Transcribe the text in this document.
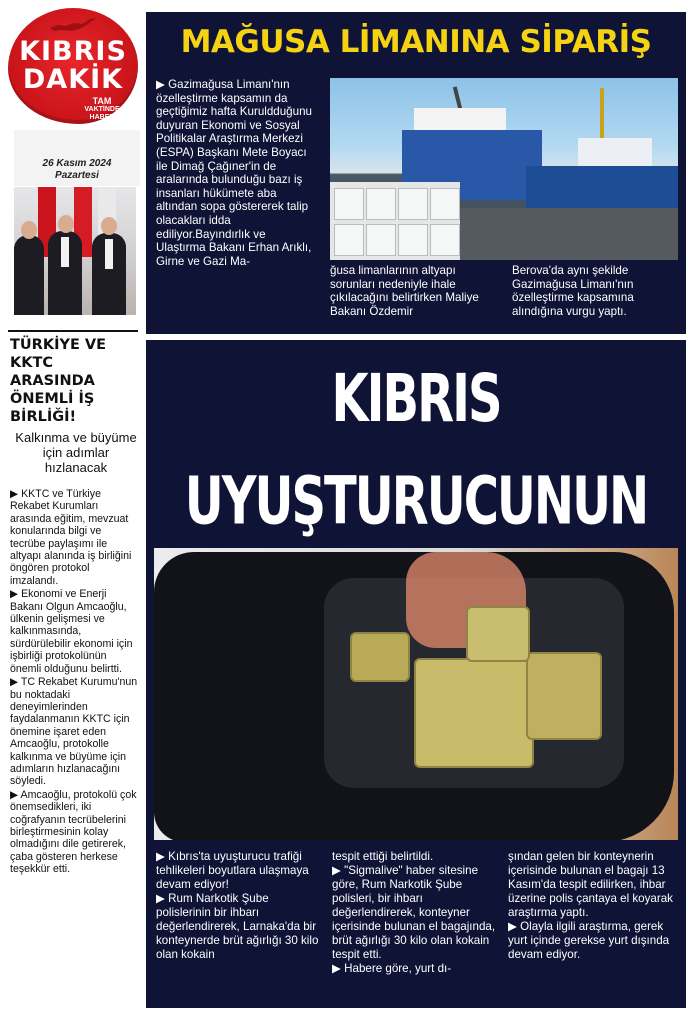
KIBRIS
DAKİK
TAM
VAKTİNDE
HABER
26 Kasım 2024
Pazartesi
TÜRKİYE VE KKTC ARASINDA ÖNEMLİ İŞ BİRLİĞİ!
Kalkınma ve büyüme için adımlar hızlanacak

▶ KKTC ve Türkiye Rekabet Kurumları arasında eğitim, mevzuat konularında bilgi ve tecrübe paylaşımı ile altyapı alanında iş birliğini öngören protokol imzalandı.

▶ Ekonomi ve Enerji Bakanı Olgun Amcaoğlu, ülkenin gelişmesi ve kalkınmasında, sürdürülebilir ekonomi için işbirliği protokolünün önemli olduğunu belirtti.

▶ TC Rekabet Kurumu'nun bu noktadaki deneyimlerinden faydalanmanın KKTC için önemine işaret eden Amcaoğlu, protokolle kalkınma ve büyüme için adımların hızlanacağını söyledi.

▶ Amcaoğlu, protokolü çok önemsedikleri, iki coğrafyanın tecrübelerini birleştirmesinin kolay olmadığını dile getirerek, çaba gösteren herkese teşekkür etti.

MAĞUSA LİMANINA SİPARİŞ
▶ Gazimağusa Limanı'nın özelleştirme kapsamın da geçtiğimiz hafta Kuruldduğunu duyuran Ekonomi ve Sosyal Politikalar Araştırma Merkezi (ESPA) Başkanı Mete Boyacı ile Dimağ Çağıner'in de aralarında bulunduğu bazı iş insanları hükümete aba altından sopa göstererek talip olacakları idda ediliyor.Bayındırlık ve Ulaştırma Bakanı Erhan Arıklı, Girne ve Gazi Ma-
ğusa limanlarının altyapı sorunları nedeniyle ihale çıkılacağını belirtirken Maliye Bakanı Özdemir
Berova'da aynı şekilde Gazimağusa Limanı'nın özelleştirme kapsamına alındığına vurgu yaptı.
KIBRIS UYUŞTURUCUNUN

▶ Kıbrıs'ta uyuşturucu trafiği tehlikeleri boyutlara ulaşmaya devam ediyor!

▶ Rum Narkotik Şube polislerinin bir ihbarı değerlendirerek, Larnaka'da bir konteynerde brüt ağırlığı 30 kilo olan kokain

tespit ettiği belirtildi.

▶ "Sigmalive" haber sitesine göre, Rum Narkotik Şube polisleri, bir ihbarı değerlendirerek, konteyner içerisinde bulunan el bagajında, brüt ağırlığı 30 kilo olan kokain tespit etti.

▶ Habere göre, yurt dı-

şından gelen bir konteynerin içerisinde bulunan el bagajı 13 Kasım'da tespit edilirken, ihbar üzerine polis çantaya el koyarak araştırma yaptı.

▶ Olayla ilgili araştırma, gerek yurt içinde gerekse yurt dışında devam ediyor.
